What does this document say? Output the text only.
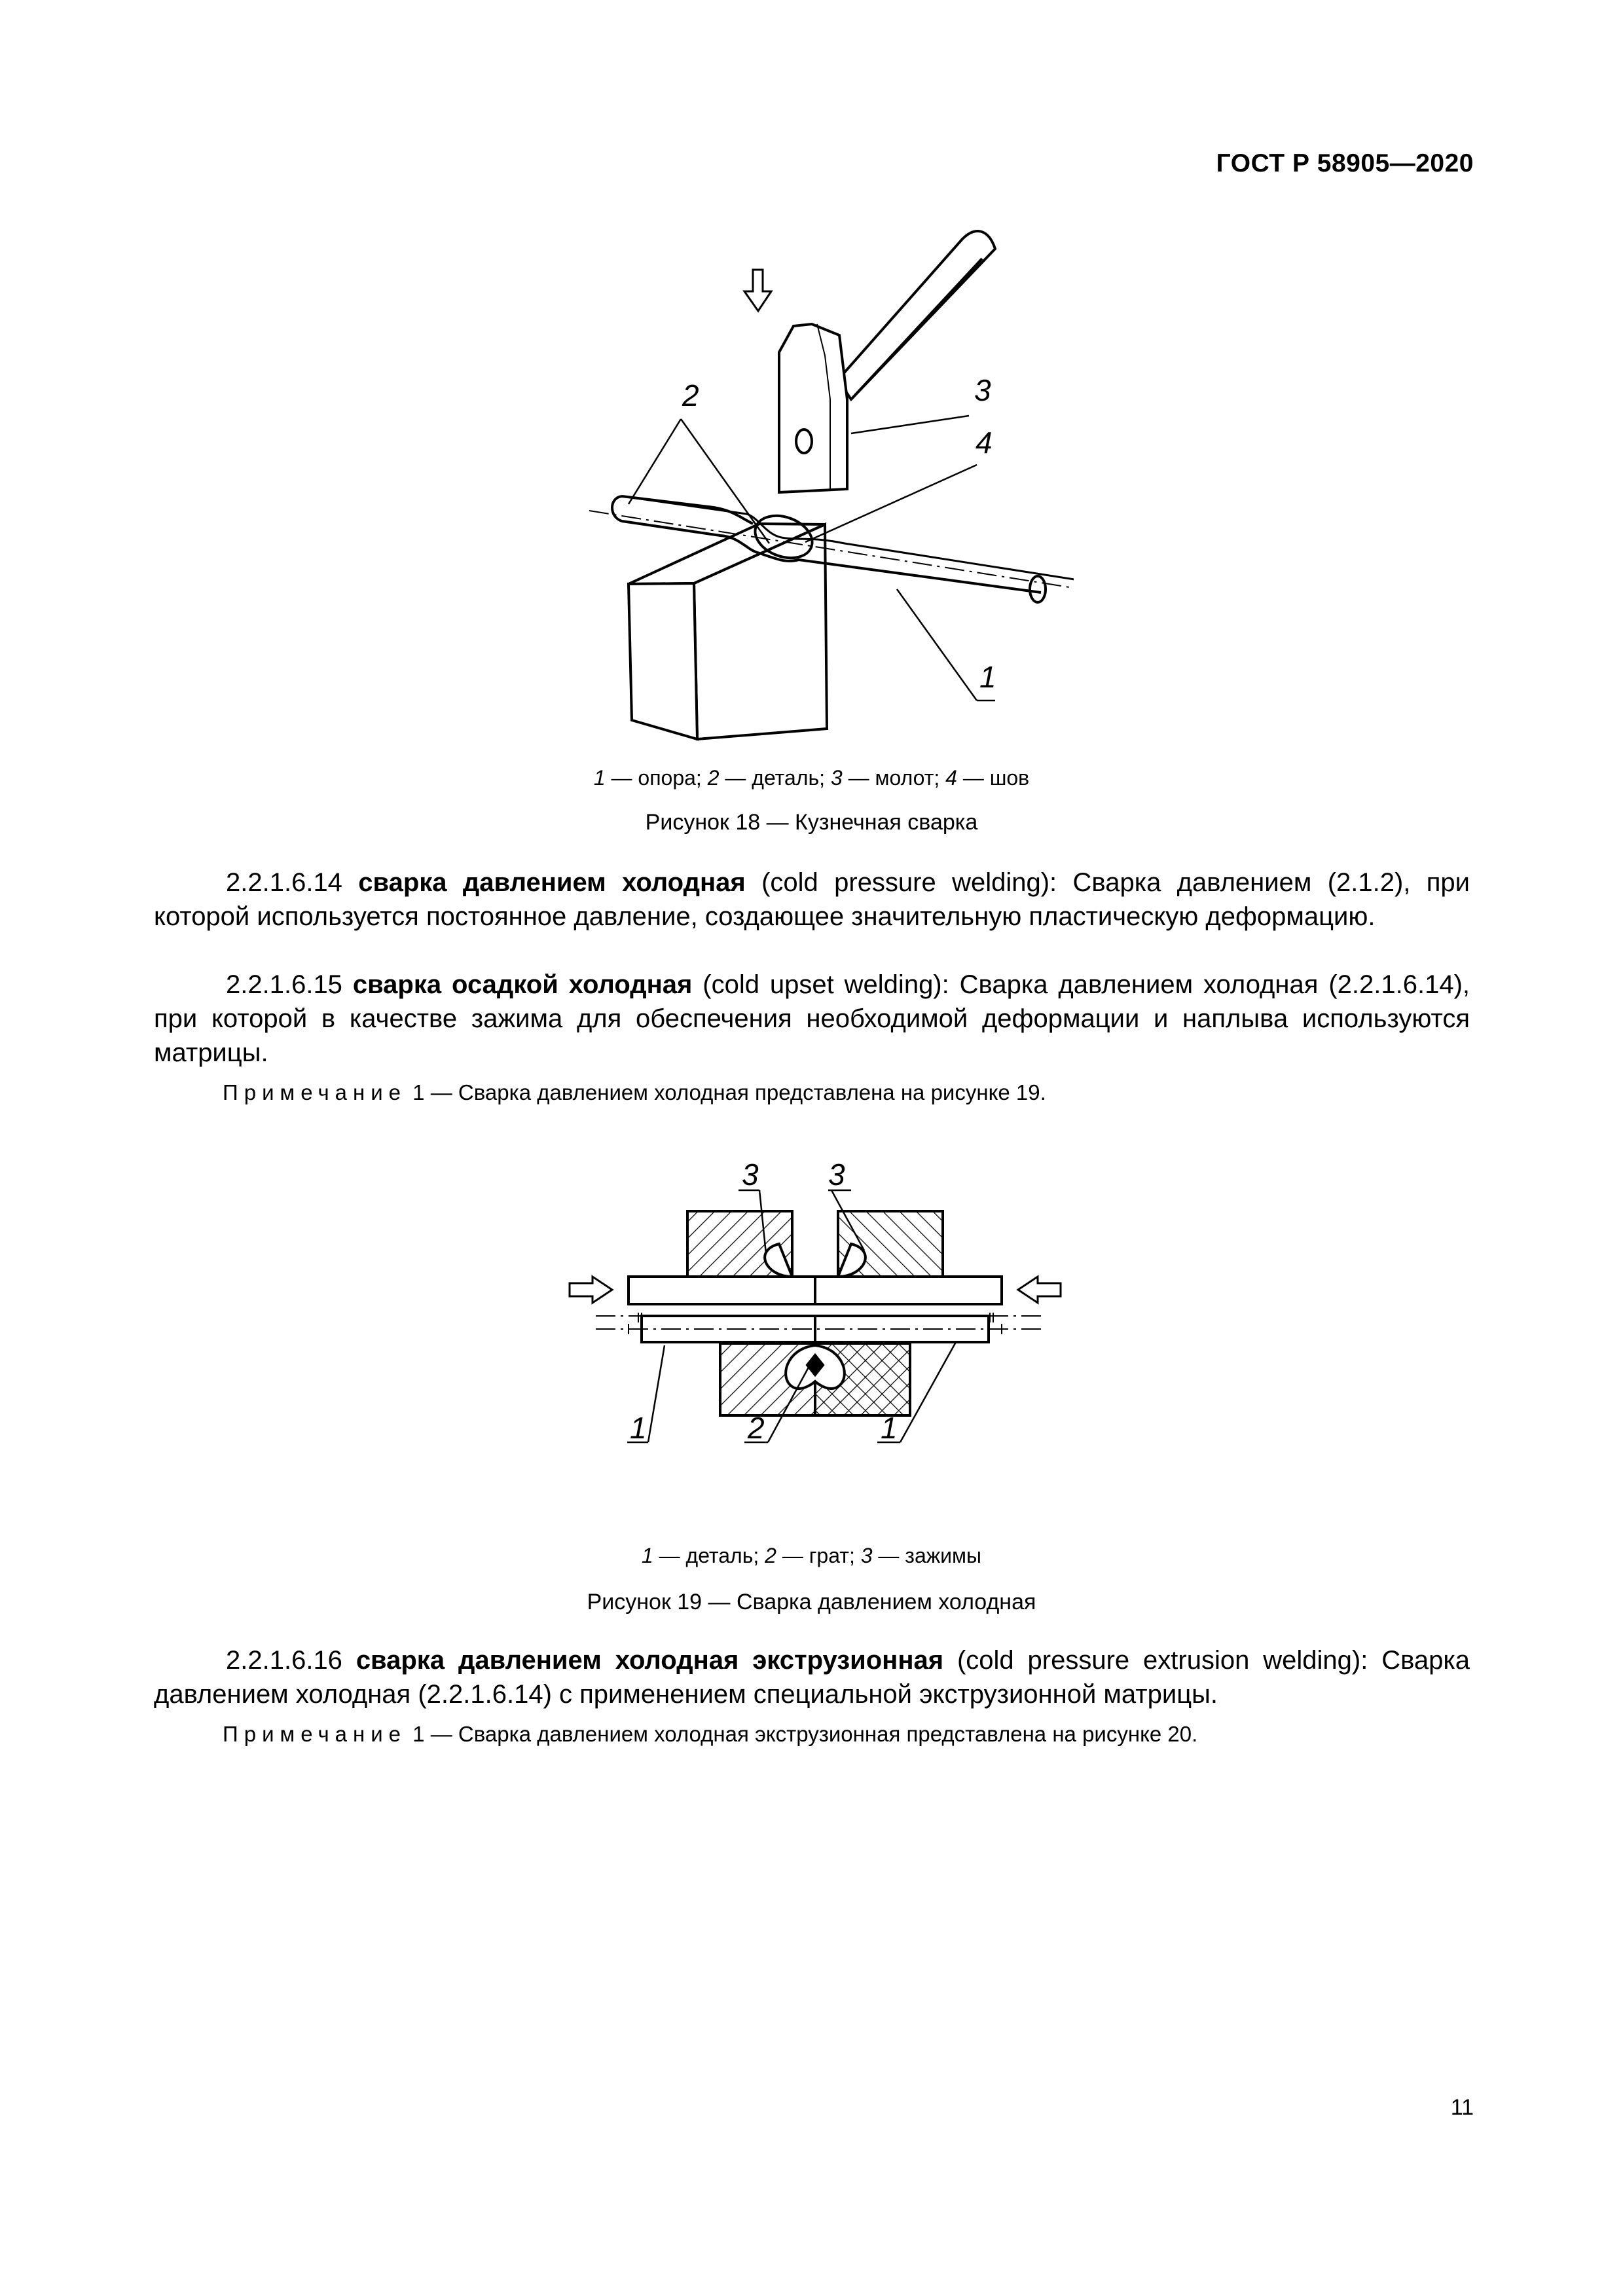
ГОСТ Р 58905—2020
2	3
4
1
1 — опора; 2 — деталь; 3 — молот; 4 — шов
Рисунок 18 — Кузнечная сварка
2.2.1.6.14 сварка давлением холодная (cold pressure welding): Сварка давлением (2.1.2), при которой используется постоянное давление, создающее значительную пластическую деформацию.
2.2.1.6.15 сварка осадкой холодная (cold upset welding): Сварка давлением холодная (2.2.1.6.14), при которой в качестве зажима для обеспечения необходимой деформации и наплыва используются матрицы.
Примечание 1 — Сварка давлением холодная представлена на рисунке 19.
3 3
1	2	1
1 — деталь; 2 — грат; 3 — зажимы
Рисунок 19 — Сварка давлением холодная
2.2.1.6.16 сварка давлением холодная экструзионная (cold pressure extrusion welding): Сварка давлением холодная (2.2.1.6.14) с применением специальной экструзионной матрицы.
Примечание 1 — Сварка давлением холодная экструзионная представлена на рисунке 20.
11
